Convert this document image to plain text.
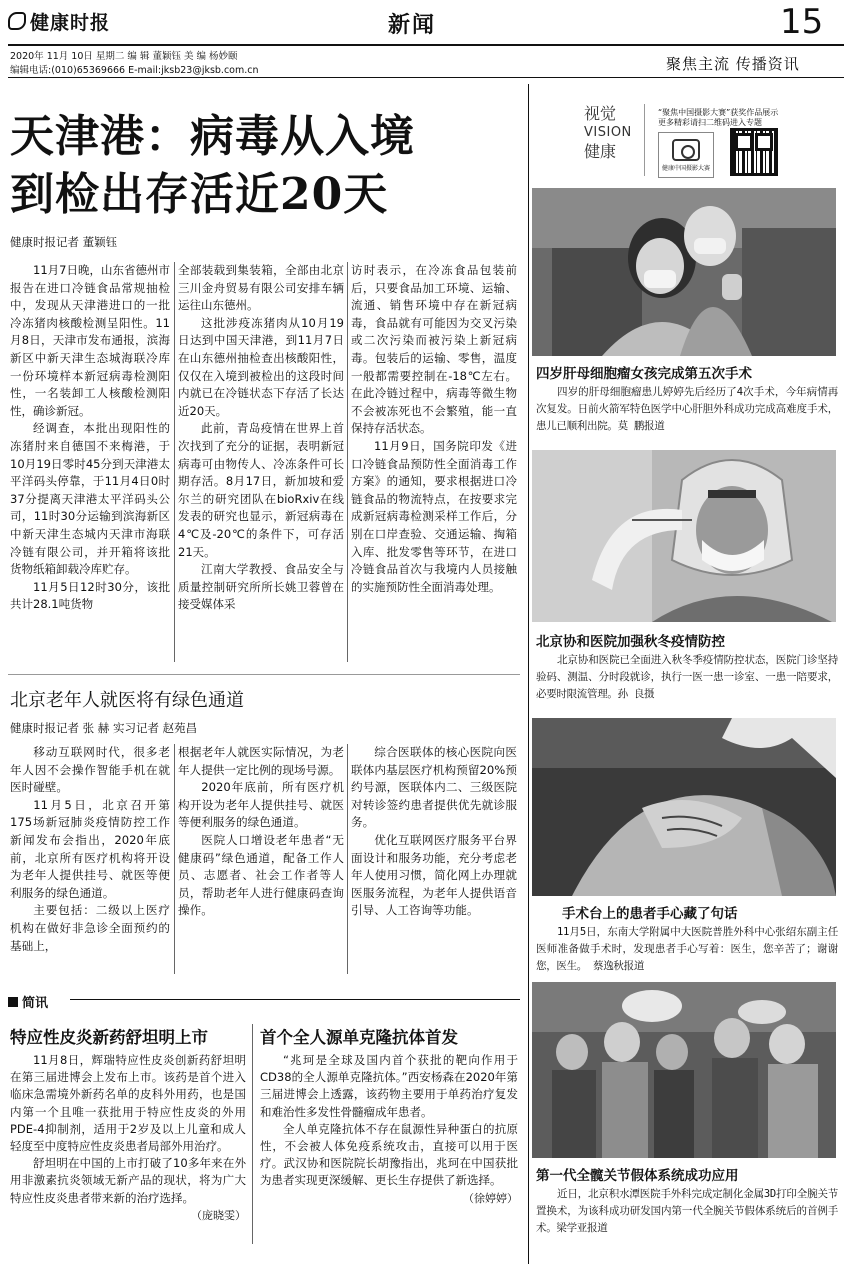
健康时报	新闻	15
2020年 11月 10日 星期二 编 辑 董颖钰 美 编 杨妙颐
编辑电话:(010)65369666 E-mail:jksb23@jksb.com.cn	聚焦主流 传播资讯
天津港：病毒从入境
到检出存活近20天
健康时报记者 董颖钰

11月7日晚，山东省德州市报告在进口冷链食品常规抽检中，发现从天津港进口的一批冷冻猪肉核酸检测呈阳性。11月8日，天津市发布通报，滨海新区中新天津生态城海联冷库一份环境样本新冠病毒检测阳性，一名装卸工人核酸检测阳性，确诊新冠。

经调查，本批出现阳性的冻猪肘来自德国不来梅港，于10月19日零时45分到天津港太平洋码头停靠，于11月4日0时37分提离天津港太平洋码头公司，11时30分运输到滨海新区中新天津生态城内天津市海联冷链有限公司，并开箱将该批货物纸箱卸载冷库贮存。

11月5日12时30分，该批共计28.1吨货物

全部装载到集装箱，全部由北京三川金舟贸易有限公司安排车辆运往山东德州。

这批涉疫冻猪肉从10月19日达到中国天津港，到11月7日在山东德州抽检查出核酸阳性，仅仅在入境到被检出的这段时间内就已在冷链状态下存活了长达近20天。

此前，青岛疫情在世界上首次找到了充分的证据，表明新冠病毒可由物传人、冷冻条件可长期存活。8月17日，新加坡和爱尔兰的研究团队在bioRxiv在线发表的研究也显示，新冠病毒在4℃及-20℃的条件下，可存活21天。

江南大学教授、食品安全与质量控制研究所所长姚卫蓉曾在接受媒体采

访时表示，在冷冻食品包装前后，只要食品加工环境、运输、流通、销售环境中存在新冠病毒，食品就有可能因为交叉污染或二次污染而被污染上新冠病毒。包装后的运输、零售，温度一般都需要控制在-18℃左右。在此冷链过程中，病毒等微生物不会被冻死也不会繁殖，能一直保持存活状态。

11月9日，国务院印发《进口冷链食品预防性全面消毒工作方案》的通知，要求根据进口冷链食品的物流特点，在按要求完成新冠病毒检测采样工作后，分别在口岸查验、交通运输、掏箱入库、批发零售等环节，在进口冷链食品首次与我境内人员接触的实施预防性全面消毒处理。

北京老年人就医将有绿色通道
健康时报记者 张 赫 实习记者 赵苑昌

移动互联网时代，很多老年人因不会操作智能手机在就医时碰壁。

11月5日，北京召开第175场新冠肺炎疫情防控工作新闻发布会指出，2020年底前，北京所有医疗机构将开设为老年人提供挂号、就医等便利服务的绿色通道。

主要包括：二级以上医疗机构在做好非急诊全面预约的基础上，

根据老年人就医实际情况，为老年人提供一定比例的现场号源。

2020年底前，所有医疗机构开设为老年人提供挂号、就医等便利服务的绿色通道。

医院人口增设老年患者“无健康码”绿色通道，配备工作人员、志愿者、社会工作者等人员，帮助老年人进行健康码查询操作。

综合医联体的核心医院向医联体内基层医疗机构预留20%预约号源，医联体内二、三级医院对转诊签约患者提供优先就诊服务。

优化互联网医疗服务平台界面设计和服务功能，充分考虑老年人使用习惯，简化网上办理就医服务流程，为老年人提供语音引导、人工咨询等功能。

简讯
特应性皮炎新药舒坦明上市

11月8日，辉瑞特应性皮炎创新药舒坦明在第三届进博会上发布上市。该药是首个进入临床急需境外新药名单的皮科外用药，也是国内第一个且唯一获批用于特应性皮炎的外用PDE-4抑制剂，适用于2岁及以上儿童和成人轻度至中度特应性皮炎患者局部外用治疗。

舒坦明在中国的上市打破了10多年来在外用非激素抗炎领域无新产品的现状，将为广大特应性皮炎患者带来新的治疗选择。

（庞晓雯）
首个全人源单克隆抗体首发

“兆珂是全球及国内首个获批的靶向作用于CD38的全人源单克隆抗体。”西安杨森在2020年第三届进博会上透露，该药物主要用于单药治疗复发和难治性多发性骨髓瘤成年患者。

全人单克隆抗体不存在鼠源性异种蛋白的抗原性，不会被人体免疫系统攻击，直接可以用于医疗。武汉协和医院院长胡豫指出，兆珂在中国获批为患者实现更深缓解、更长生存提供了新选择。

（徐婷婷）
视觉
VISION
健康
“聚焦中国摄影大赛”获奖作品展示
更多精彩请扫二维码进入专题
健康中国摄影大赛
四岁肝母细胞瘤女孩完成第五次手术
四岁的肝母细胞瘤患儿婷婷先后经历了4次手术，今年病情再次复发。日前火箭军特色医学中心肝胆外科成功完成高难度手术，患儿已顺利出院。莫 鹏报道
北京协和医院加强秋冬疫情防控
北京协和医院已全面进入秋冬季疫情防控状态，医院门诊坚持验码、测温、分时段就诊，执行一医一患一诊室、一患一陪要求，必要时限流管理。孙 良摄
手术台上的患者手心藏了句话
11月5日，东南大学附属中大医院普胜外科中心张绍东副主任医师准备做手术时，发现患者手心写着：医生，您辛苦了；谢谢您，医生。 蔡逸秋报道
第一代全髋关节假体系统成功应用
近日，北京积水潭医院手外科完成定制化金属3D打印全腕关节置换术，为该科成功研发国内第一代全腕关节假体系统后的首例手术。梁学亚报道
